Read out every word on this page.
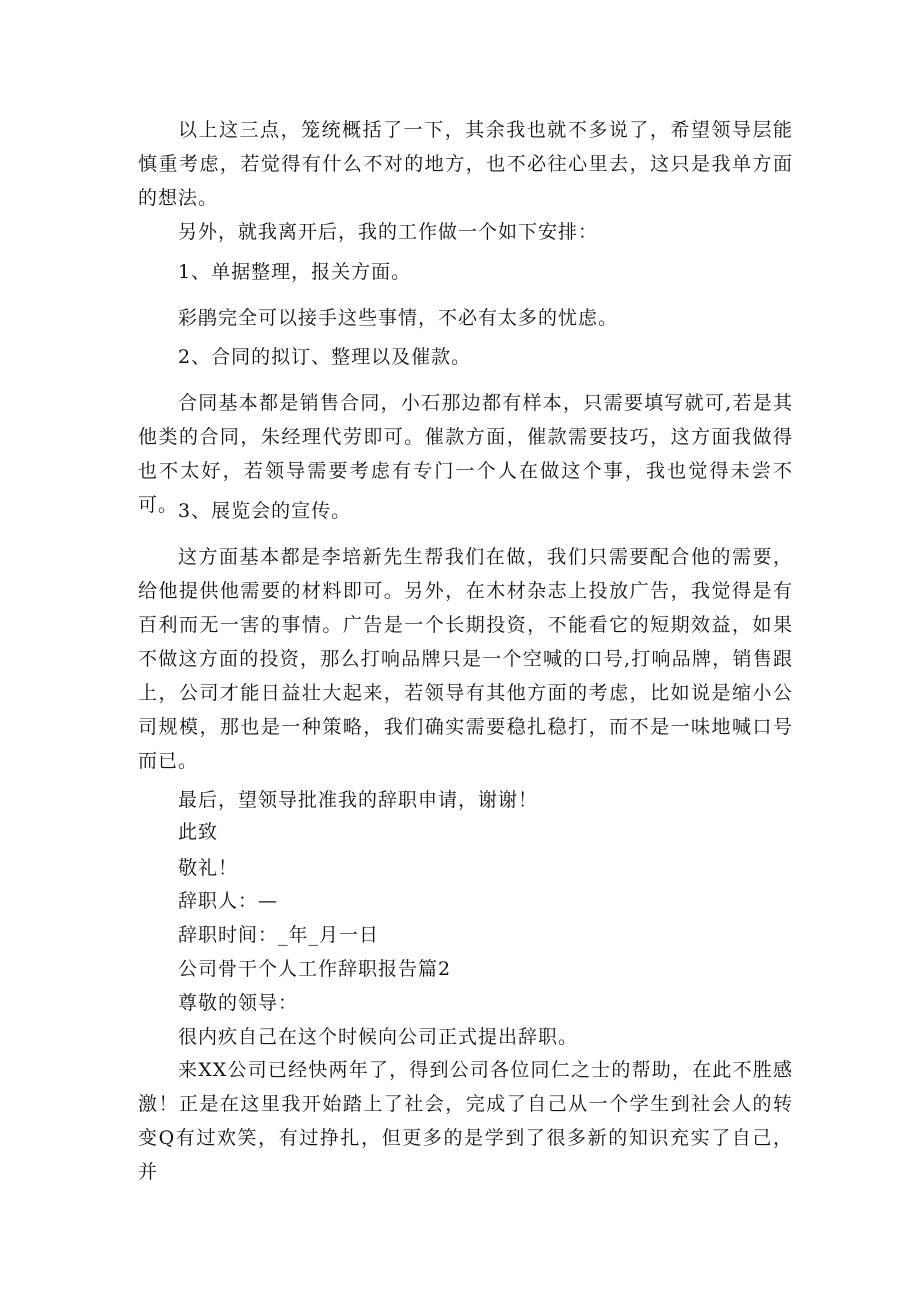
以上这三点，笼统概括了一下，其余我也就不多说了，希望领导层能慎重考虑，若觉得有什么不对的地方，也不必往心里去，这只是我单方面的想法。

另外，就我离开后，我的工作做一个如下安排：
1、单据整理，报关方面。
彩鹃完全可以接手这些事情，不必有太多的忧虑。
2、合同的拟订、整理以及催款。

合同基本都是销售合同，小石那边都有样本，只需要填写就可,若是其他类的合同，朱经理代劳即可。催款方面，催款需要技巧，这方面我做得也不太好，若领导需要考虑有专门一个人在做这个事，我也觉得未尝不可。 3、展览会的宣传。

这方面基本都是李培新先生帮我们在做，我们只需要配合他的需要，给他提供他需要的材料即可。另外，在木材杂志上投放广告，我觉得是有百利而无一害的事情。广告是一个长期投资，不能看它的短期效益，如果不做这方面的投资，那么打响品牌只是一个空喊的口号,打响品牌，销售跟上，公司才能日益壮大起来，若领导有其他方面的考虑，比如说是缩小公司规模，那也是一种策略，我们确实需要稳扎稳打，而不是一味地喊口号而已。

最后，望领导批准我的辞职申请，谢谢！
此致
敬礼！
辞职人：—
辞职时间：_年_月一日
公司骨干个人工作辞职报告篇2
尊敬的领导：
很内疚自己在这个时候向公司正式提出辞职。

来XX公司已经快两年了，得到公司各位同仁之士的帮助，在此不胜感激！正是在这里我开始踏上了社会，完成了自己从一个学生到社会人的转变Q有过欢笑，有过挣扎，但更多的是学到了很多新的知识充实了自己，并
